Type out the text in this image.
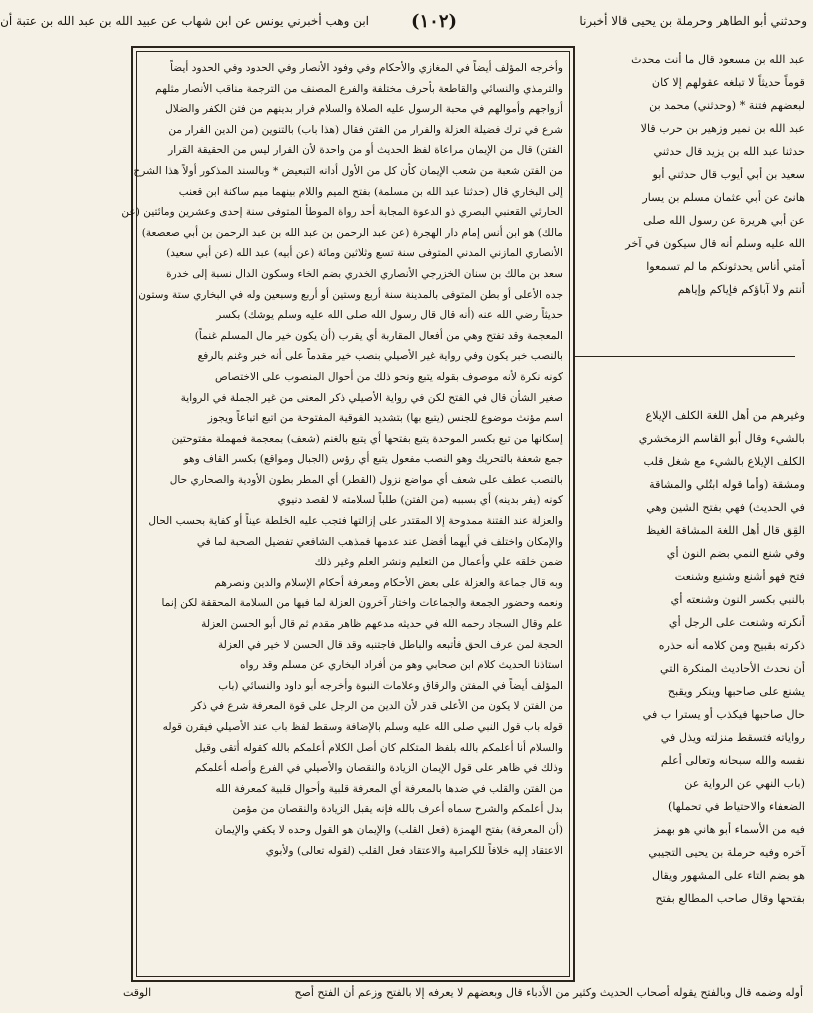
وحدثني أبو الطاهر وحرملة بن يحيى قالا أخبرنا
(١٠٢)
ابن وهب أخبرني يونس عن ابن شهاب عن عبيد الله بن عبد الله بن عتبة أن

عبد الله بن مسعود قال ما أنت محدث

قوماً حديثاً لا تبلغه عقولهم إلا كان

لبعضهم فتنة * (وحدثني) محمد بن

عبد الله بن نمير وزهير بن حرب قالا

حدثنا عبد الله بن يزيد قال حدثني

سعيد بن أبي أيوب قال حدثني أبو

هانئ عن أبي عثمان مسلم بن يسار

عن أبي هريرة عن رسول الله صلى

الله عليه وسلم أنه قال سيكون في آخر

أمتي أناس يحدثونكم ما لم تسمعوا

أنتم ولا آباؤكم فإياكم وإياهم

وغيرهم من أهل اللغة الكلف الإيلاع

بالشيء وقال أبو القاسم الزمخشري

الكلف الإيلاع بالشيء مع شغل قلب

ومشقة (وأما قوله ابتُلي والمشاقة

في الحديث) فهي بفتح الشين وهي

القِق قال أهل اللغة المشاقة الغيظ

وفي شنع النمي بضم النون أي

فتح فهو أشنع وشنيع وشنعت

بالنبي بكسر النون وشنعته أي

أنكرته وشنعت على الرجل أي

ذكرته بقبيح ومن كلامه أنه حذره

أن نحدث الأحاديث المنكرة التي

يشنع على صاحبها وينكر ويقبح

حال صاحبها فيكذب أو يسترا ب في

رواياته فتسقط منزلته ويذل في

نفسه والله سبحانه وتعالى أعلم

(باب النهي عن الرواية عن

الضعفاء والاحتياط في تحملها)

فيه من الأسماء أبو هاني هو بهمز

آخره وفيه حرملة بن يحيى التجيبي

هو بضم التاء على المشهور ويقال

بفتحها وقال صاحب المطالع بفتح

وأخرجه المؤلف أيضاً في المغازي والأحكام وفي وفود الأنصار وفي الحدود وفي الحدود أيضاً

والترمذي والنسائي والقاطعة بأحرف مختلفة والفرع المصنف من الترجمة مناقب الأنصار مثلهم

أزواجهم وأموالهم في محبة الرسول عليه الصلاة والسلام فرار بدينهم من فتن الكفر والضلال

شرع في ترك فضيلة العزلة والفرار من الفتن فقال (هذا باب) بالتنوين (من الدين الفرار من

الفتن) قال من الإيمان مراعاة لفظ الحديث أو من واحدة لأن الفرار ليس من الحقيقة القرار

من الفتن شعبة من شعب الإيمان كأن كل من الأول أدانه التبعيض * وبالسند المذكور أولاً هذا الشرح

إلى البخاري قال (حدثنا عبد الله بن مسلمة) بفتح الميم واللام بينهما ميم ساكنة ابن قعنب

الحارثي القعنبي البصري ذو الدعوة المجابة أحد رواة الموطأ المتوفى سنة إحدى وعشرين ومائتين (عن

مالك) هو ابن أنس إمام دار الهجرة (عن عبد الرحمن بن عبد الله بن عبد الرحمن بن أبي صعصعة)

الأنصاري المازني المدني المتوفى سنة تسع وثلاثين ومائة (عن أبيه) عبد الله (عن أبي سعيد)

سعد بن مالك بن سنان الخزرجي الأنصاري الخدري بضم الخاء وسكون الدال نسبة إلى خدرة

جده الأعلى أو بطن المتوفى بالمدينة سنة أربع وستين أو أربع وسبعين وله في البخاري ستة وستون

حديثاً رضي الله عنه (أنه قال قال رسول الله صلى الله عليه وسلم يوشك) بكسر

المعجمة وقد تفتح وهي من أفعال المقاربة أي يقرب (أن يكون خير مال المسلم غنماً)

بالنصب خبر يكون وفي رواية غير الأصيلي بنصب خير مقدماً على أنه خبر وغنم بالرفع

كونه نكرة لأنه موصوف بقوله يتبع ونحو ذلك من أحوال المنصوب على الاختصاص

صغير الشأن قال في الفتح لكن في رواية الأصيلي ذكر المعنى من غير الجملة في الرواية

اسم مؤنث موضوع للجنس (يتبع بها) بتشديد الفوقية المفتوحة من اتبع اتباعاً ويجوز

إسكانها من تبع بكسر الموحدة يتبع بفتحها أي يتبع بالغنم (شعف) بمعجمة فمهملة مفتوحتين

جمع شعفة بالتحريك وهو النصب مفعول يتبع أي رؤس (الجبال ومواقع) بكسر القاف وهو

بالنصب عطف على شعف أي مواضع نزول (القطر) أي المطر بطون الأودية والصحاري حال

كونه (يفر بدينه) أي بسببه (من الفتن) طلباً لسلامته لا لقصد دنيوي

والعزلة عند الفتنة ممدوحة إلا المقتدر على إزالتها فتجب عليه الخلطة عيناً أو كفاية بحسب الحال

والإمكان واختلف في أيهما أفضل عند عدمها فمذهب الشافعي تفضيل الصحبة لما في

ضمن خلقه علي وأعمال من التعليم ونشر العلم وغير ذلك

وبه قال جماعة والعزلة على بعض الأحكام ومعرفة أحكام الإسلام والدين ونصرهم

ونعمه وحضور الجمعة والجماعات واختار آخرون العزلة لما فيها من السلامة المحققة لكن إنما

علم وقال السجاد رحمه الله في حديثه مدعهم ظاهر مقدم ثم قال أبو الحسن العزلة

الحجة لمن عرف الحق فأتبعه والباطل فاجتنبه وقد قال الحسن لا خير في العزلة

استاذنا الحديث كلام ابن صحابي وهو من أفراد البخاري عن مسلم وقد رواه

المؤلف أيضاً في المفتن والرقاق وعلامات النبوة وأخرجه أبو داود والنسائي (باب

من الفتن لا يكون من الأعلى قدر لأن الدين من الرجل على قوة المعرفة شرع في ذكر

قوله باب قول النبي صلى الله عليه وسلم بالإضافة وسقط لفظ باب عند الأصيلي فيقرن قوله

والسلام أنا أعلمكم بالله بلفظ المتكلم كان أصل الكلام أعلمكم بالله كقوله أتقى وقيل

وذلك في ظاهر على قول الإيمان الزيادة والنقصان والأصيلي في الفرع وأصله أعلمكم

من الفتن والقلب في ضدها بالمعرفة أي المعرفة قلبية وأحوال قلبية كمعرفة الله

بدل أعلمكم والشرح سماه أعرف بالله فإنه يقبل الزيادة والنقصان من مؤمن

(أن المعرفة) بفتح الهمزة (فعل القلب) والإيمان هو القول وحده لا يكفي والإيمان

الاعتقاد إليه خلافاً للكرامية والاعتقاد فعل القلب (لقوله تعالى) ولأبوي

أوله وضمه قال وبالفتح يقوله أصحاب الحديث وكثير من الأدباء قال وبعضهم لا يعرفه إلا بالفتح وزعم أن الفتح أصح
الوقت
